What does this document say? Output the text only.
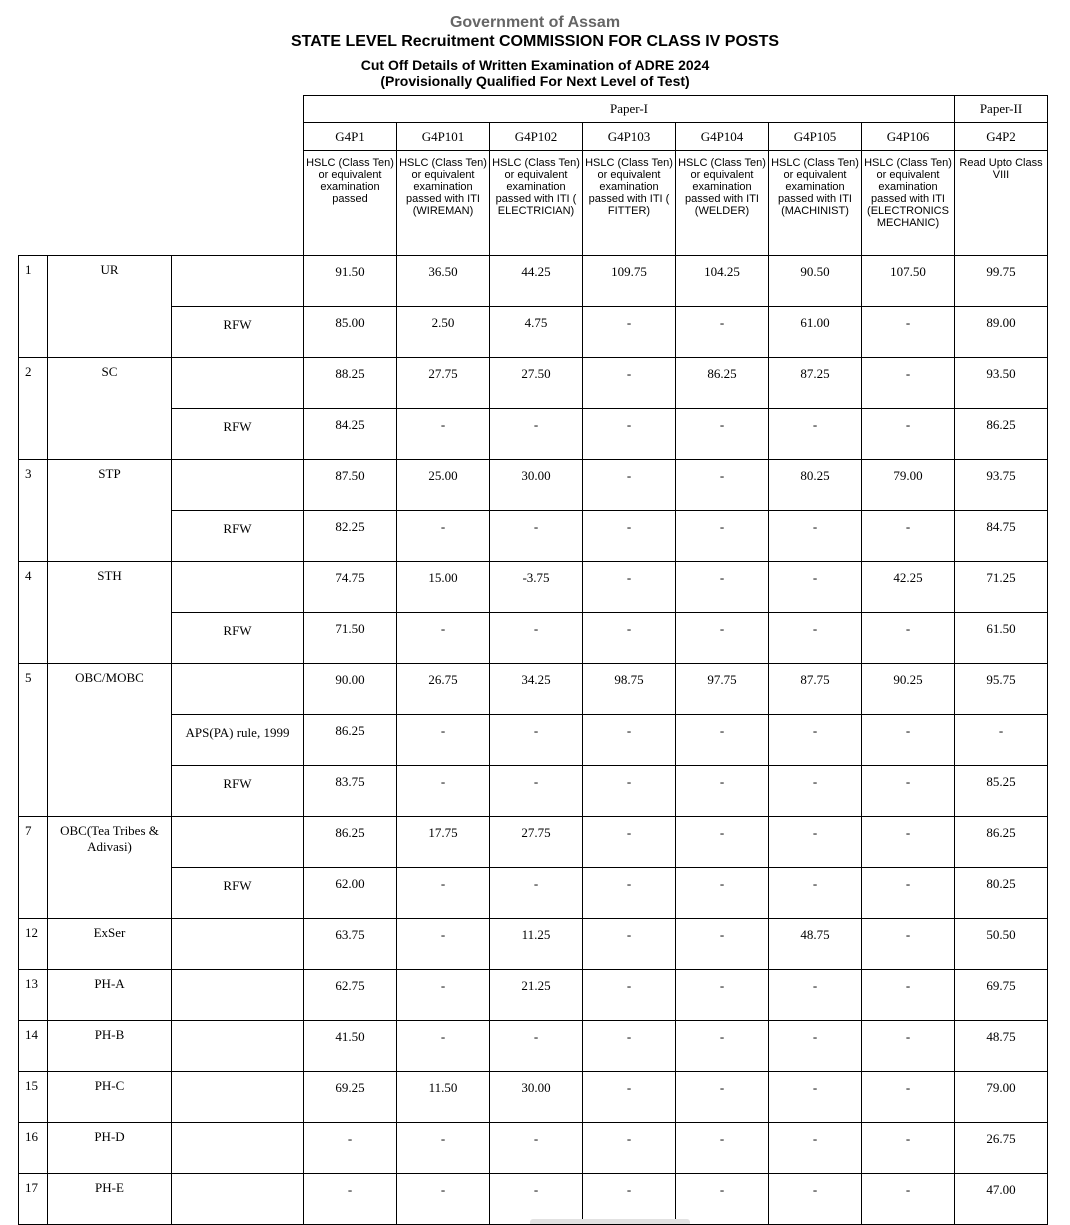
Government of Assam
STATE LEVEL Recruitment COMMISSION FOR CLASS IV POSTS
Cut Off Details of Written Examination of ADRE 2024
(Provisionally Qualified For Next Level of Test)
			Paper-I							Paper-II
			G4P1	G4P101	G4P102	G4P103	G4P104	G4P105	G4P106	G4P2
			HSLC (Class Ten) or equivalent examination passed	HSLC (Class Ten) or equivalent examination passed with ITI (WIREMAN)	HSLC (Class Ten) or equivalent examination passed with ITI ( ELECTRICIAN)	HSLC (Class Ten) or equivalent examination passed with ITI ( FITTER)	HSLC (Class Ten) or equivalent examination passed with ITI (WELDER)	HSLC (Class Ten) or equivalent examination passed with ITI (MACHINIST)	HSLC (Class Ten) or equivalent examination passed with ITI (ELECTRONICS MECHANIC)	Read Upto Class VIII
1	UR		91.50	36.50	44.25	109.75	104.25	90.50	107.50	99.75
		RFW	85.00	2.50	4.75	-	-	61.00	-	89.00
2	SC		88.25	27.75	27.50	-	86.25	87.25	-	93.50
		RFW	84.25	-	-	-	-	-	-	86.25
3	STP		87.50	25.00	30.00	-	-	80.25	79.00	93.75
		RFW	82.25	-	-	-	-	-	-	84.75
4	STH		74.75	15.00	-3.75	-	-	-	42.25	71.25
		RFW	71.50	-	-	-	-	-	-	61.50
5	OBC/MOBC		90.00	26.75	34.25	98.75	97.75	87.75	90.25	95.75
		APS(PA) rule, 1999	86.25	-	-	-	-	-	-	-
		RFW	83.75	-	-	-	-	-	-	85.25
7	OBC(Tea Tribes & Adivasi)		86.25	17.75	27.75	-	-	-	-	86.25
		RFW	62.00	-	-	-	-	-	-	80.25
12	ExSer		63.75	-	11.25	-	-	48.75	-	50.50
13	PH-A		62.75	-	21.25	-	-	-	-	69.75
14	PH-B		41.50	-	-	-	-	-	-	48.75
15	PH-C		69.25	11.50	30.00	-	-	-	-	79.00
16	PH-D		-	-	-	-	-	-	-	26.75
17	PH-E		-	-	-	-	-	-	-	47.00
